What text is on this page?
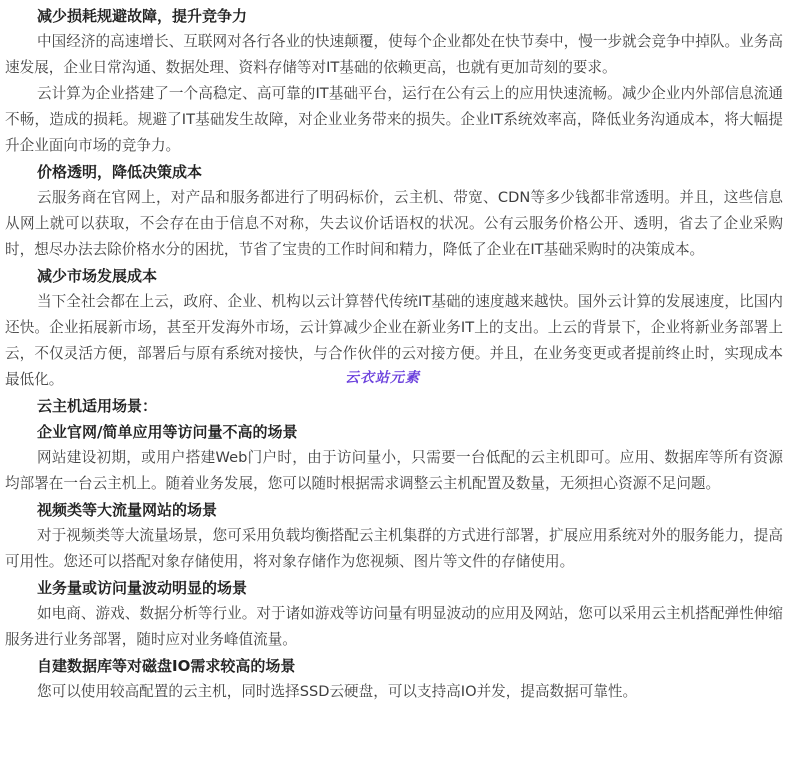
减少损耗规避故障，提升竞争力
中国经济的高速增长、互联网对各行各业的快速颠覆，使每个企业都处在快节奏中，慢一步就会竞争中掉队。业务高速发展，企业日常沟通、数据处理、资料存储等对IT基础的依赖更高，也就有更加苛刻的要求。
云计算为企业搭建了一个高稳定、高可靠的IT基础平台，运行在公有云上的应用快速流畅。减少企业内外部信息流通不畅，造成的损耗。规避了IT基础发生故障，对企业业务带来的损失。企业IT系统效率高，降低业务沟通成本，将大幅提升企业面向市场的竞争力。
价格透明，降低决策成本
云服务商在官网上，对产品和服务都进行了明码标价，云主机、带宽、CDN等多少钱都非常透明。并且，这些信息从网上就可以获取，不会存在由于信息不对称，失去议价话语权的状况。公有云服务价格公开、透明，省去了企业采购时，想尽办法去除价格水分的困扰，节省了宝贵的工作时间和精力，降低了企业在IT基础采购时的决策成本。
减少市场发展成本
当下全社会都在上云，政府、企业、机构以云计算替代传统IT基础的速度越来越快。国外云计算的发展速度，比国内还快。企业拓展新市场，甚至开发海外市场，云计算减少企业在新业务IT上的支出。上云的背景下，企业将新业务部署上云，不仅灵活方便，部署后与原有系统对接快，与合作伙伴的云对接方便。并且，在业务变更或者提前终止时，实现成本最低化。
云主机适用场景：
企业官网/简单应用等访问量不高的场景
网站建设初期，或用户搭建Web门户时，由于访问量小，只需要一台低配的云主机即可。应用、数据库等所有资源均部署在一台云主机上。随着业务发展，您可以随时根据需求调整云主机配置及数量，无须担心资源不足问题。
视频类等大流量网站的场景
对于视频类等大流量场景，您可采用负载均衡搭配云主机集群的方式进行部署，扩展应用系统对外的服务能力，提高可用性。您还可以搭配对象存储使用，将对象存储作为您视频、图片等文件的存储使用。
业务量或访问量波动明显的场景
如电商、游戏、数据分析等行业。对于诸如游戏等访问量有明显波动的应用及网站，您可以采用云主机搭配弹性伸缩服务进行业务部署，随时应对业务峰值流量。
自建数据库等对磁盘IO需求较高的场景
您可以使用较高配置的云主机，同时选择SSD云硬盘，可以支持高IO并发，提高数据可靠性。
云衣站元素
